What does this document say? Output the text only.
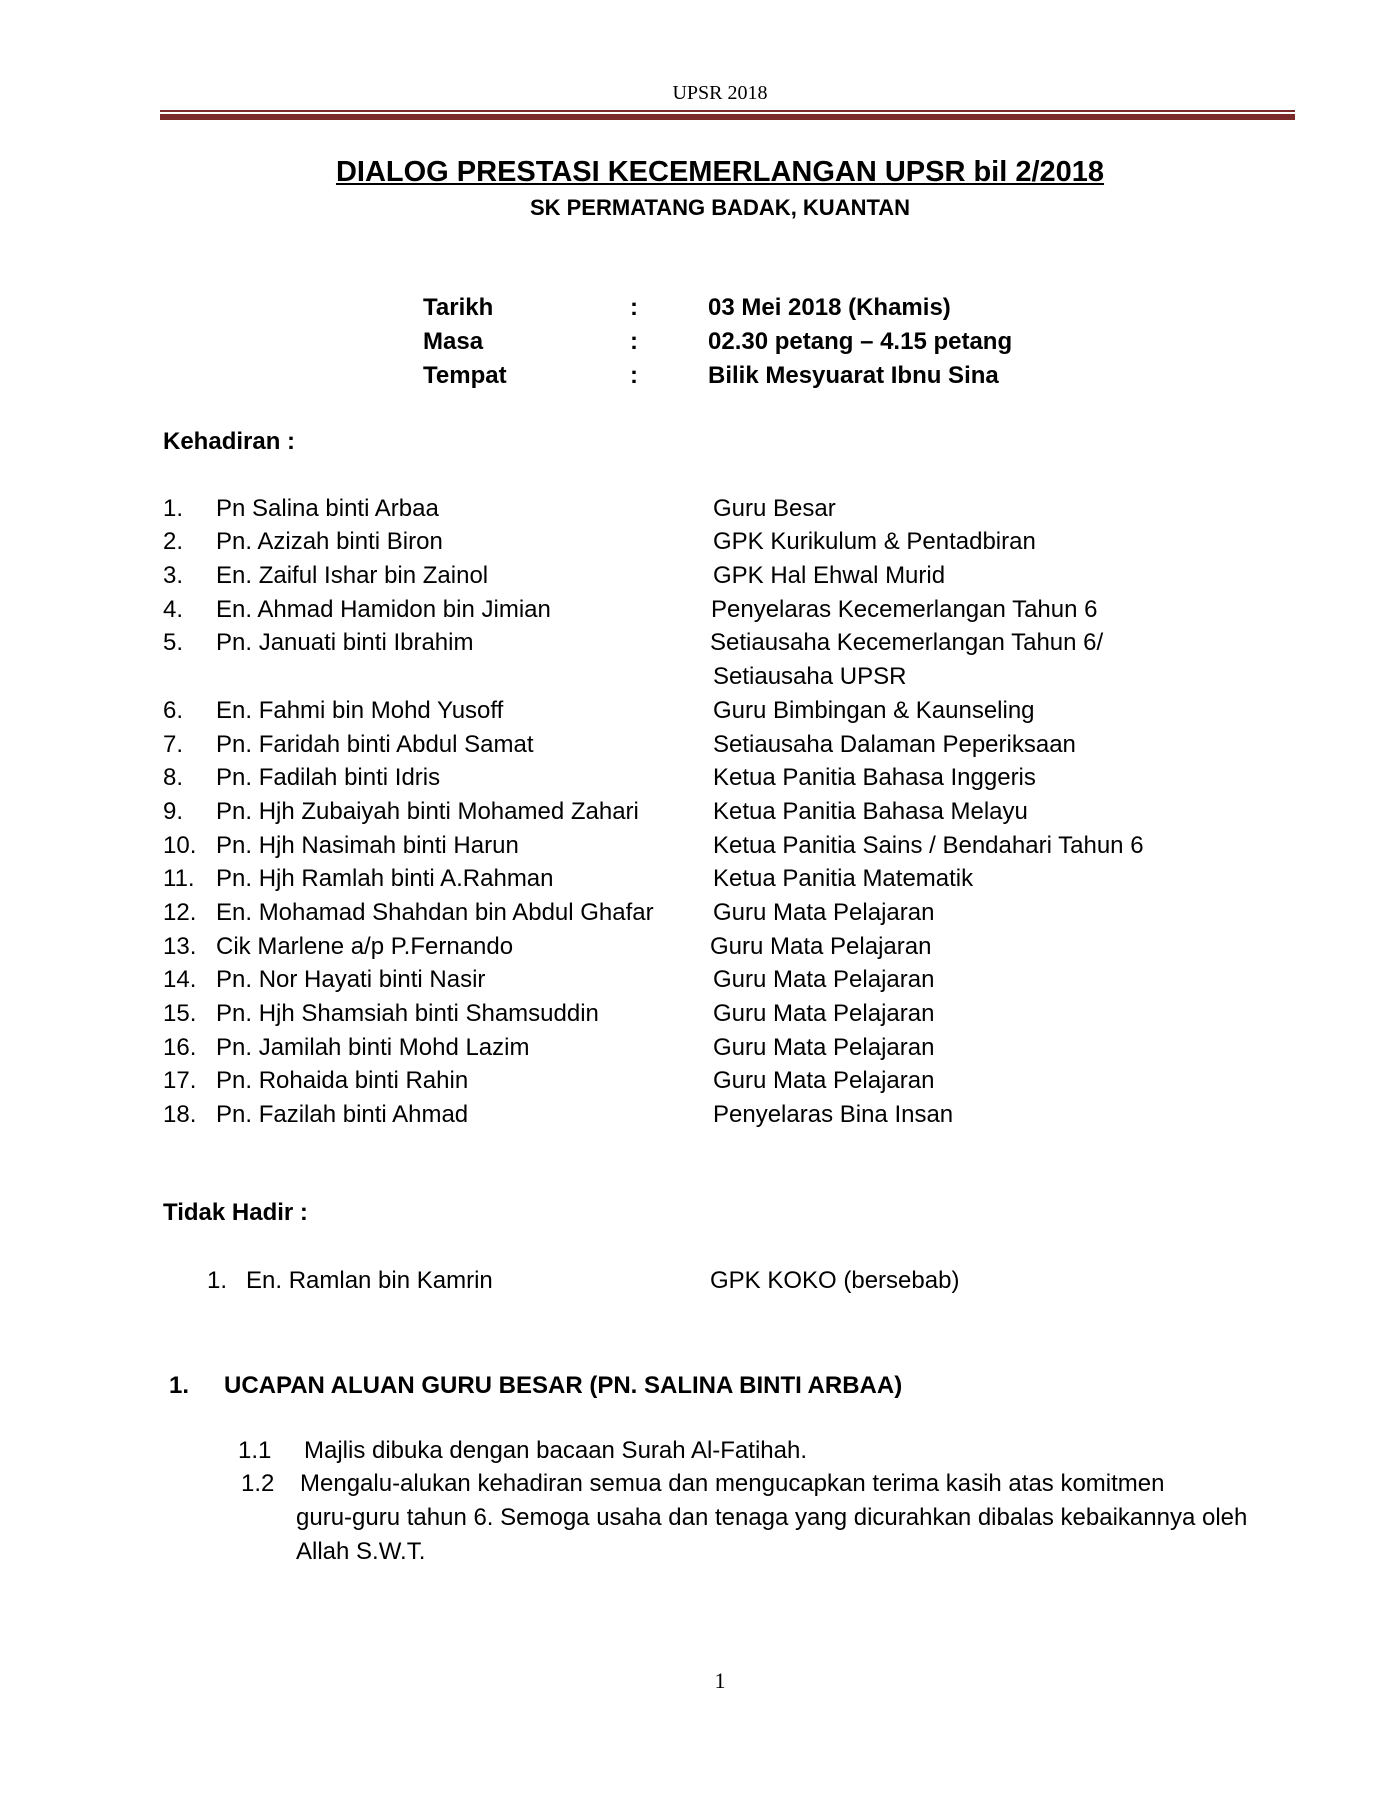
UPSR 2018
DIALOG PRESTASI KECEMERLANGAN UPSR bil 2/2018
SK PERMATANG BADAK, KUANTAN
Tarikh	:	03 Mei 2018 (Khamis)
Masa	:	02.30 petang – 4.15 petang
Tempat	:	Bilik Mesyuarat Ibnu Sina
Kehadiran :
1. Pn Salina binti Arbaa	Guru Besar
2. Pn. Azizah binti Biron	GPK Kurikulum & Pentadbiran
3. En. Zaiful Ishar bin Zainol	GPK Hal Ehwal Murid
4. En. Ahmad Hamidon bin Jimian	Penyelaras Kecemerlangan Tahun 6
5. Pn. Januati binti Ibrahim	Setiausaha Kecemerlangan Tahun 6/
Setiausaha UPSR
6. En. Fahmi bin Mohd Yusoff	Guru Bimbingan & Kaunseling
7. Pn. Faridah binti Abdul Samat	Setiausaha Dalaman Peperiksaan
8. Pn. Fadilah binti Idris	Ketua Panitia Bahasa Inggeris
9. Pn. Hjh Zubaiyah binti Mohamed Zahari	Ketua Panitia Bahasa Melayu
10. Pn. Hjh Nasimah binti Harun	Ketua Panitia Sains / Bendahari Tahun 6
11. Pn. Hjh Ramlah binti A.Rahman	Ketua Panitia Matematik
12. En. Mohamad Shahdan bin Abdul Ghafar Guru Mata Pelajaran
13. Cik Marlene a/p P.Fernando	Guru Mata Pelajaran
14. Pn. Nor Hayati binti Nasir	Guru Mata Pelajaran
15. Pn. Hjh Shamsiah binti Shamsuddin	Guru Mata Pelajaran
16. Pn. Jamilah binti Mohd Lazim	Guru Mata Pelajaran
17. Pn. Rohaida binti Rahin	Guru Mata Pelajaran
18. Pn. Fazilah binti Ahmad	Penyelaras Bina Insan
Tidak Hadir :
1. En. Ramlan bin Kamrin	GPK KOKO (bersebab)
1. UCAPAN ALUAN GURU BESAR (PN. SALINA BINTI ARBAA)
1.1 Majlis dibuka dengan bacaan Surah Al-Fatihah.
1.2 Mengalu-alukan kehadiran semua dan mengucapkan terima kasih atas komitmen
guru-guru tahun 6. Semoga usaha dan tenaga yang dicurahkan dibalas kebaikannya oleh
Allah S.W.T.
1
